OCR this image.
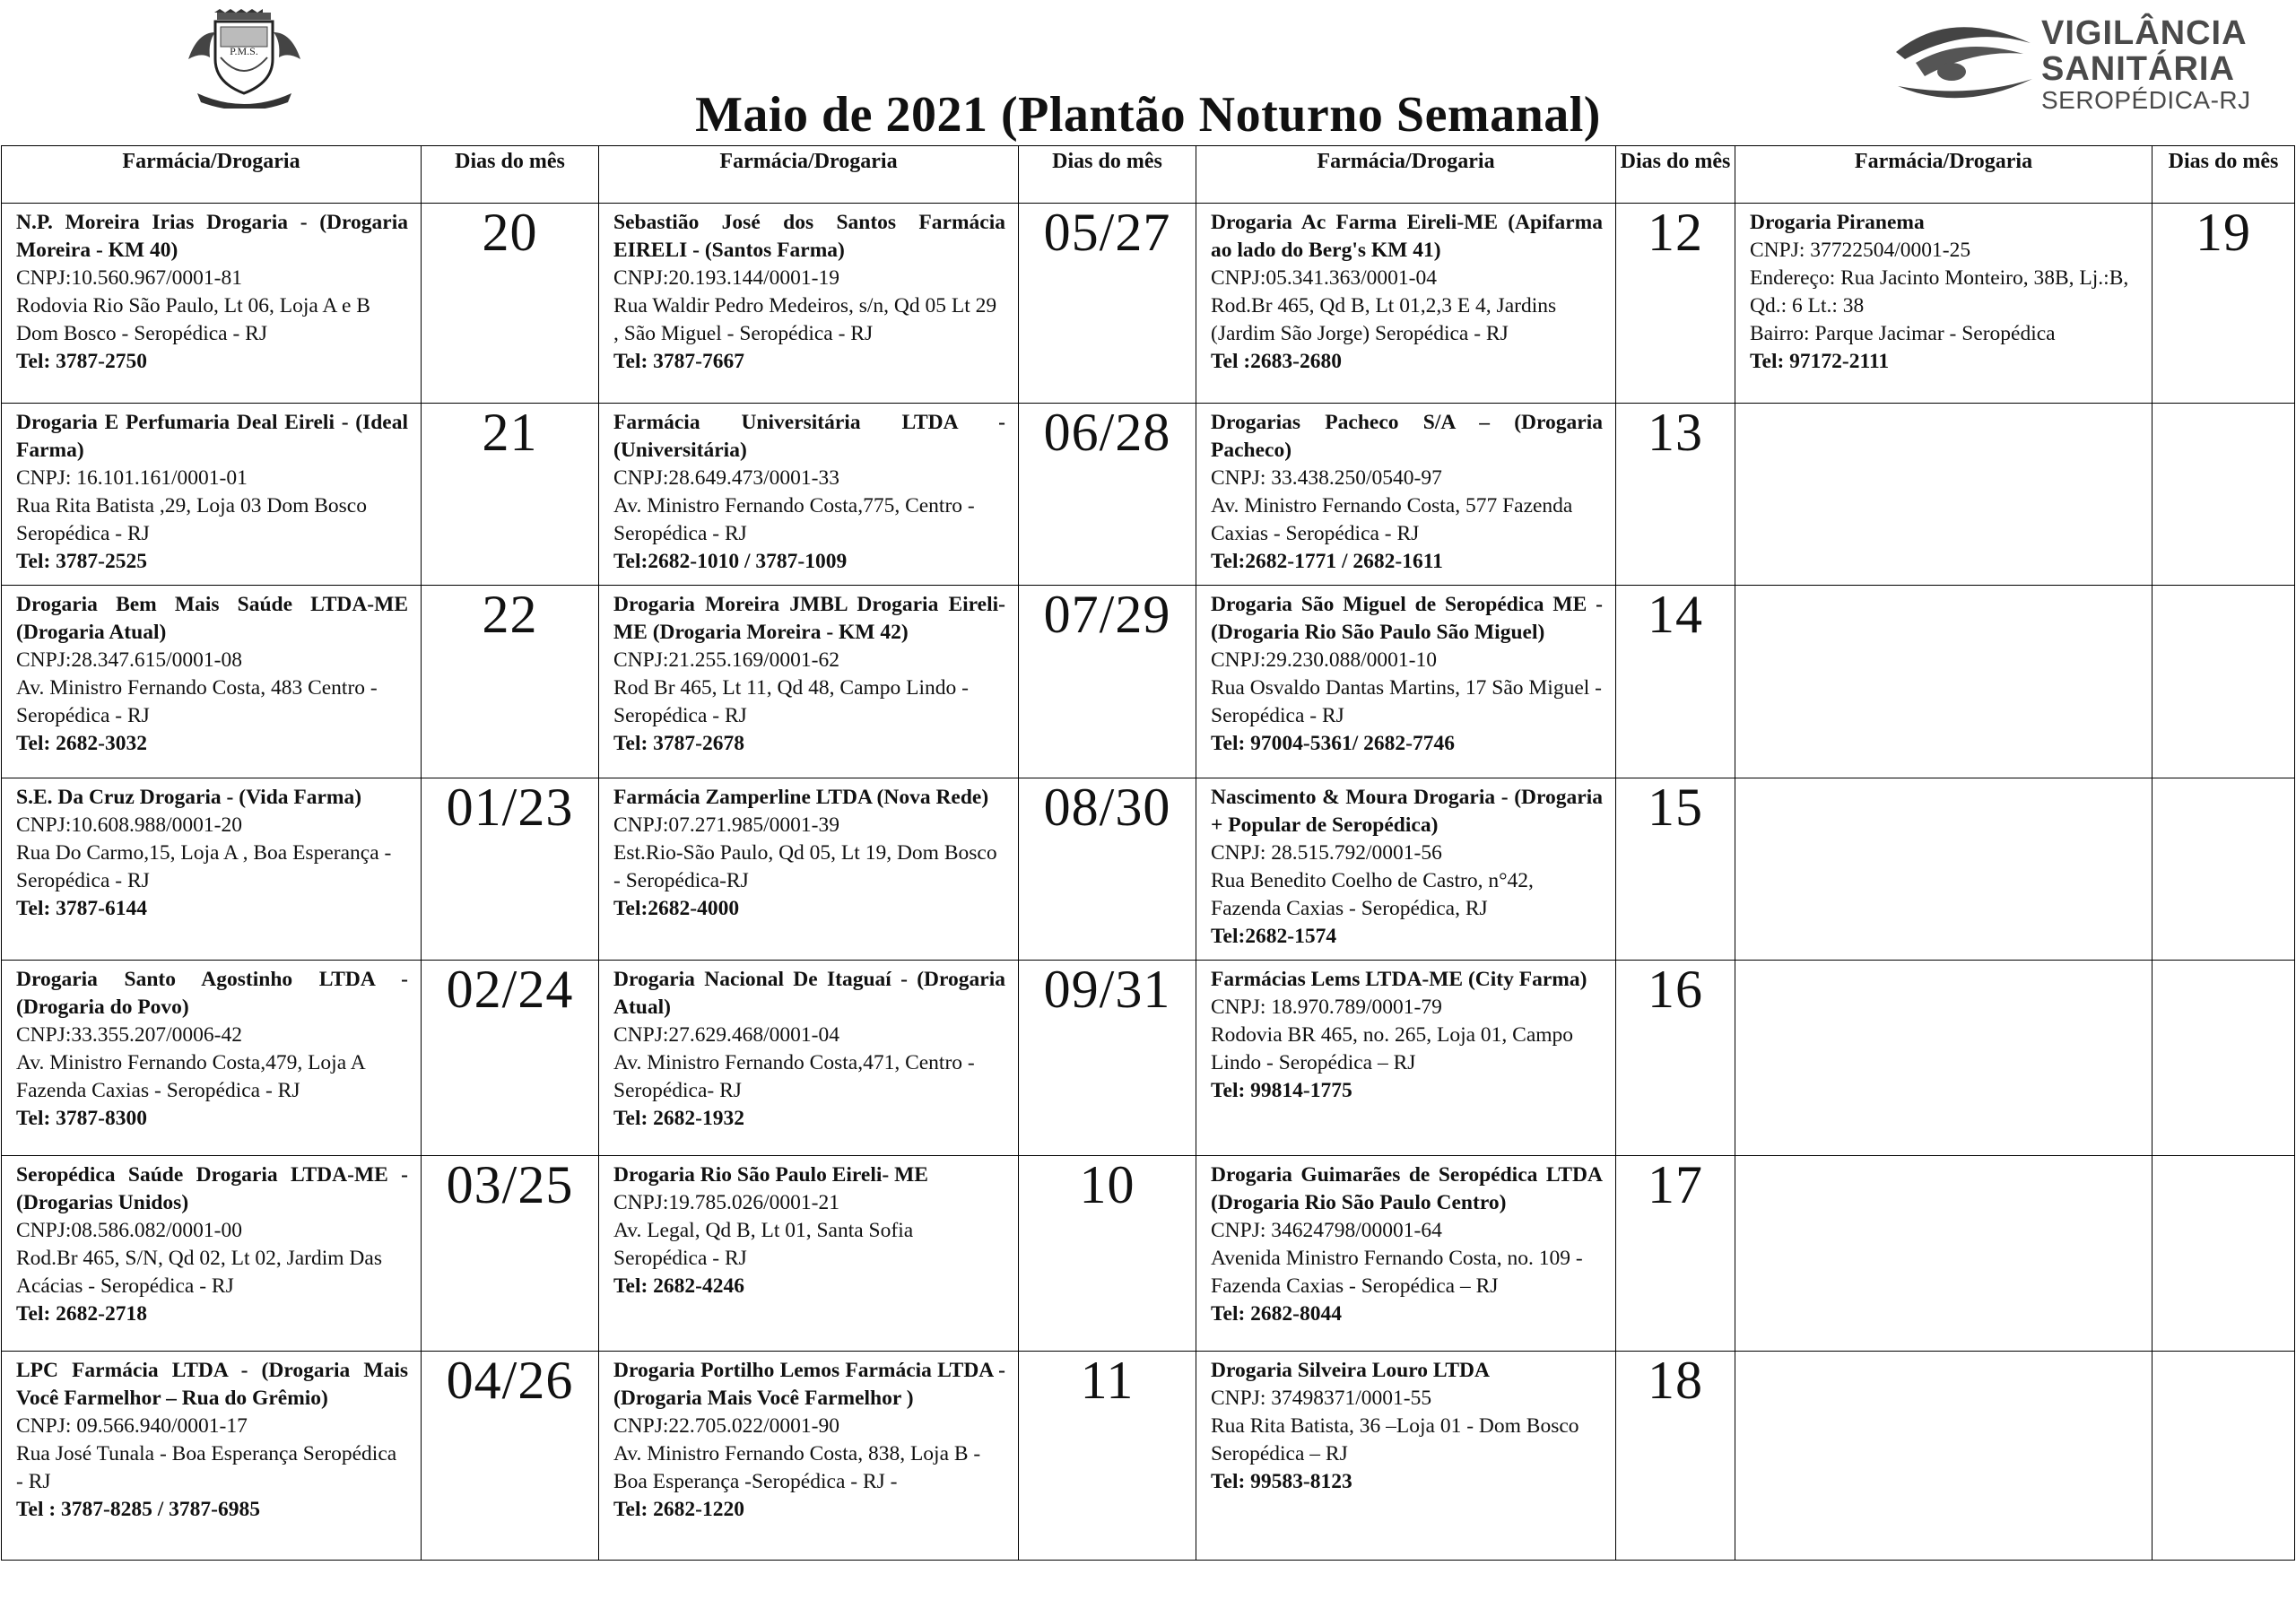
P.M.S.	VIGILÂNCIA
SANITÁRIA
SEROPÉDICA-RJ
Maio de 2021 (Plantão Noturno Semanal)
Farmácia/Drogaria	Dias do mês	Farmácia/Drogaria	Dias do mês	Farmácia/Drogaria	Dias do mês	Farmácia/Drogaria	Dias do mês

N.P. Moreira Irias Drogaria - (Drogaria Moreira - KM 40)
CNPJ:10.560.967/0001-81
Rodovia Rio São Paulo, Lt 06, Loja A e B Dom Bosco - Seropédica - RJ
Tel: 3787-2750	20	Sebastião José dos Santos Farmácia EIRELI - (Santos Farma)
CNPJ:20.193.144/0001-19
Rua Waldir Pedro Medeiros, s/n, Qd 05 Lt 29 , São Miguel - Seropédica - RJ
Tel: 3787-7667	05/27	Drogaria Ac Farma Eireli-ME (Apifarma ao lado do Berg's KM 41)
CNPJ:05.341.363/0001-04
Rod.Br 465, Qd B, Lt 01,2,3 E 4, Jardins (Jardim São Jorge) Seropédica - RJ
Tel :2683-2680	12	Drogaria Piranema
CNPJ: 37722504/0001-25
Endereço: Rua Jacinto Monteiro, 38B, Lj.:B, Qd.: 6 Lt.: 38
Bairro: Parque Jacimar - Seropédica
Tel: 97172-2111	19

Drogaria E Perfumaria Deal Eireli - (Ideal Farma)
CNPJ: 16.101.161/0001-01
Rua Rita Batista ,29, Loja 03 Dom Bosco Seropédica - RJ
Tel: 3787-2525	21	Farmácia Universitária LTDA - (Universitária)
CNPJ:28.649.473/0001-33
Av. Ministro Fernando Costa,775, Centro - Seropédica - RJ
Tel:2682-1010 / 3787-1009	06/28	Drogarias Pacheco S/A – (Drogaria Pacheco)
CNPJ: 33.438.250/0540-97
Av. Ministro Fernando Costa, 577 Fazenda Caxias - Seropédica - RJ
Tel:2682-1771 / 2682-1611	13	

Drogaria Bem Mais Saúde LTDA-ME (Drogaria Atual)
CNPJ:28.347.615/0001-08
Av. Ministro Fernando Costa, 483 Centro - Seropédica - RJ
Tel: 2682-3032	22	Drogaria Moreira JMBL Drogaria Eireli-ME (Drogaria Moreira - KM 42)
CNPJ:21.255.169/0001-62
Rod Br 465, Lt 11, Qd 48, Campo Lindo - Seropédica - RJ
Tel: 3787-2678	07/29	Drogaria São Miguel de Seropédica ME - (Drogaria Rio São Paulo São Miguel)
CNPJ:29.230.088/0001-10
Rua Osvaldo Dantas Martins, 17 São Miguel - Seropédica - RJ
Tel: 97004-5361/ 2682-7746	14	

S.E. Da Cruz Drogaria - (Vida Farma)
CNPJ:10.608.988/0001-20
Rua Do Carmo,15, Loja A , Boa Esperança - Seropédica - RJ
Tel: 3787-6144	01/23	Farmácia Zamperline LTDA (Nova Rede)
CNPJ:07.271.985/0001-39
Est.Rio-São Paulo, Qd 05, Lt 19, Dom Bosco - Seropédica-RJ
Tel:2682-4000	08/30	Nascimento & Moura Drogaria - (Drogaria + Popular de Seropédica)
CNPJ: 28.515.792/0001-56
Rua Benedito Coelho de Castro, n°42, Fazenda Caxias - Seropédica, RJ
Tel:2682-1574	15	

Drogaria Santo Agostinho LTDA - (Drogaria do Povo)
CNPJ:33.355.207/0006-42
Av. Ministro Fernando Costa,479, Loja A Fazenda Caxias - Seropédica - RJ
Tel: 3787-8300	02/24	Drogaria Nacional De Itaguaí - (Drogaria Atual)
CNPJ:27.629.468/0001-04
Av. Ministro Fernando Costa,471, Centro - Seropédica- RJ
Tel: 2682-1932	09/31	Farmácias Lems LTDA-ME (City Farma)
CNPJ: 18.970.789/0001-79
Rodovia BR 465, no. 265, Loja 01, Campo Lindo - Seropédica – RJ
Tel: 99814-1775	16	

Seropédica Saúde Drogaria LTDA-ME - (Drogarias Unidos)
CNPJ:08.586.082/0001-00
Rod.Br 465, S/N, Qd 02, Lt 02, Jardim Das Acácias - Seropédica - RJ
Tel: 2682-2718	03/25	Drogaria Rio São Paulo Eireli- ME
CNPJ:19.785.026/0001-21
Av. Legal, Qd B, Lt 01, Santa Sofia Seropédica - RJ
Tel: 2682-4246	10	Drogaria Guimarães de Seropédica LTDA (Drogaria Rio São Paulo Centro)
CNPJ: 34624798/00001-64
Avenida Ministro Fernando Costa, no. 109 - Fazenda Caxias - Seropédica – RJ
Tel: 2682-8044	17	

LPC Farmácia LTDA - (Drogaria Mais Você Farmelhor – Rua do Grêmio)
CNPJ: 09.566.940/0001-17
Rua José Tunala - Boa Esperança Seropédica - RJ
Tel : 3787-8285 / 3787-6985	04/26	Drogaria Portilho Lemos Farmácia LTDA - (Drogaria Mais Você Farmelhor )
CNPJ:22.705.022/0001-90
Av. Ministro Fernando Costa, 838, Loja B - Boa Esperança -Seropédica - RJ -
Tel: 2682-1220	11	Drogaria Silveira Louro LTDA
CNPJ: 37498371/0001-55
Rua Rita Batista, 36 –Loja 01 - Dom Bosco Seropédica – RJ
Tel: 99583-8123	18	
